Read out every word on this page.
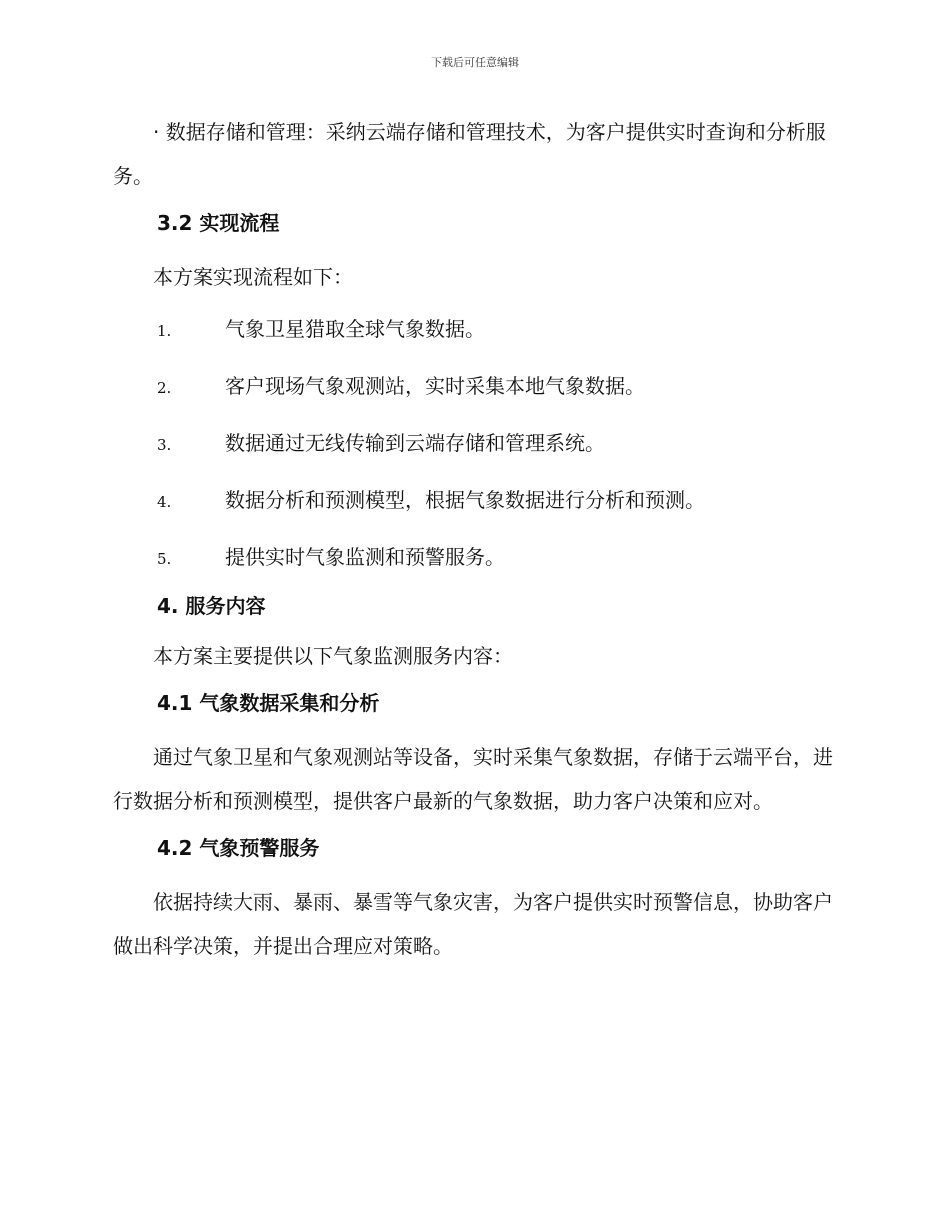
下载后可任意编辑

· 数据存储和管理：采纳云端存储和管理技术，为客户提供实时查询和分析服务。

3.2 实现流程

本方案实现流程如下：

1.	气象卫星猎取全球气象数据。
2.	客户现场气象观测站，实时采集本地气象数据。
3.	数据通过无线传输到云端存储和管理系统。
4.	数据分析和预测模型，根据气象数据进行分析和预测。
5.	提供实时气象监测和预警服务。
4. 服务内容

本方案主要提供以下气象监测服务内容：

4.1 气象数据采集和分析

通过气象卫星和气象观测站等设备，实时采集气象数据，存储于云端平台，进行数据分析和预测模型，提供客户最新的气象数据，助力客户决策和应对。

4.2 气象预警服务

依据持续大雨、暴雨、暴雪等气象灾害，为客户提供实时预警信息，协助客户做出科学决策，并提出合理应对策略。
